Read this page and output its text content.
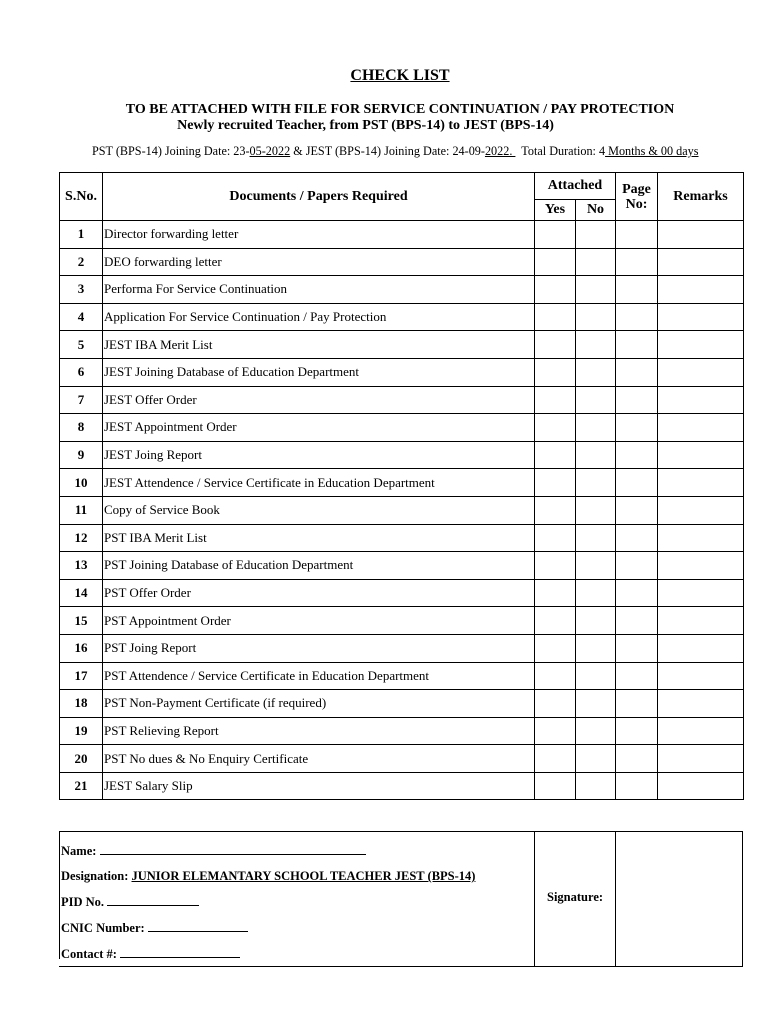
CHECK LIST
TO BE ATTACHED WITH FILE FOR SERVICE CONTINUATION / PAY PROTECTION
Newly recruited Teacher, from PST (BPS-14) to JEST (BPS-14)
PST (BPS-14) Joining Date: 23-05-2022 & JEST (BPS-14) Joining Date: 24-09-2022.   Total Duration: 4 Months & 00 days
S.No.	Documents / Papers Required	Attached		Page No:	Remarks
		Yes	No		
1	Director forwarding letter				
2	DEO forwarding letter				
3	Performa For Service Continuation				
4	Application For Service Continuation / Pay Protection				
5	JEST IBA Merit List				
6	JEST Joining Database of Education Department				
7	JEST Offer Order				
8	JEST Appointment Order				
9	JEST Joing Report				
10	JEST Attendence / Service Certificate in Education Department				
11	Copy of Service Book				
12	PST IBA Merit List				
13	PST Joining Database of Education Department				
14	PST Offer Order				
15	PST Appointment Order				
16	PST Joing Report				
17	PST Attendence / Service Certificate in Education Department				
18	PST Non-Payment Certificate (if required)				
19	PST Relieving Report				
20	PST No dues & No Enquiry Certificate				
21	JEST Salary Slip				
Name:
Designation: JUNIOR ELEMANTARY SCHOOL TEACHER JEST (BPS-14)
PID No.
CNIC Number:
Contact #:
Signature:
